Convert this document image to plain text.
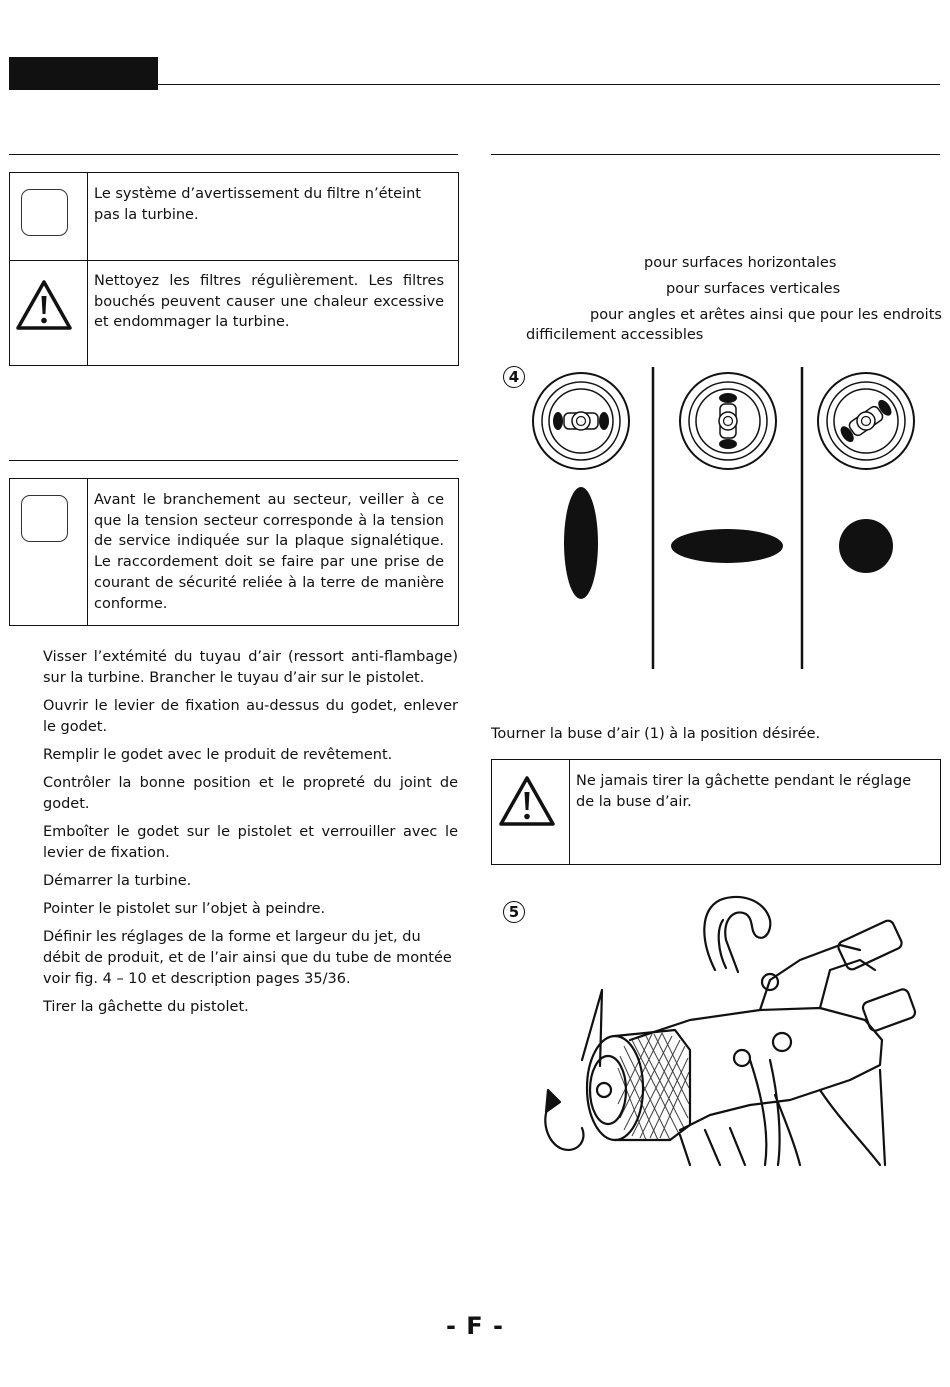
Le système d’avertissement du filtre n’éteint pas la turbine.
Nettoyez les filtres régulièrement. Les filtres bouchés peuvent causer une chaleur excessive et endommager la turbine.
Avant le branchement au secteur, veiller à ce que la tension secteur corresponde à la tension de service indiquée sur la plaque signalétique. Le raccordement doit se faire par une prise de courant de sécurité reliée à la terre de manière conforme.

Visser l’extémité du tuyau d’air (ressort anti-flambage) sur la turbine. Brancher le tuyau d’air sur le pistolet.

Ouvrir le levier de fixation au-dessus du godet, enlever le godet.

Remplir le godet avec le produit de revêtement.

Contrôler la bonne position et le propreté du joint de godet.

Emboîter le godet sur le pistolet et verrouiller avec le levier de fixation.

Démarrer la turbine.

Pointer le pistolet sur l’objet à peindre.

Définir les réglages de la forme et largeur du jet, du débit de produit, et de l’air ainsi que du tube de montée voir fig. 4 – 10 et description pages 35/36.

Tirer la gâchette du pistolet.

pour surfaces horizontales
pour surfaces verticales
pour angles et arêtes ainsi que pour les endroits
difficilement accessibles
4
Tourner la buse d’air (1) à la position désirée.
Ne jamais tirer la gâchette pendant le réglage de la buse d’air.
5
- F -
